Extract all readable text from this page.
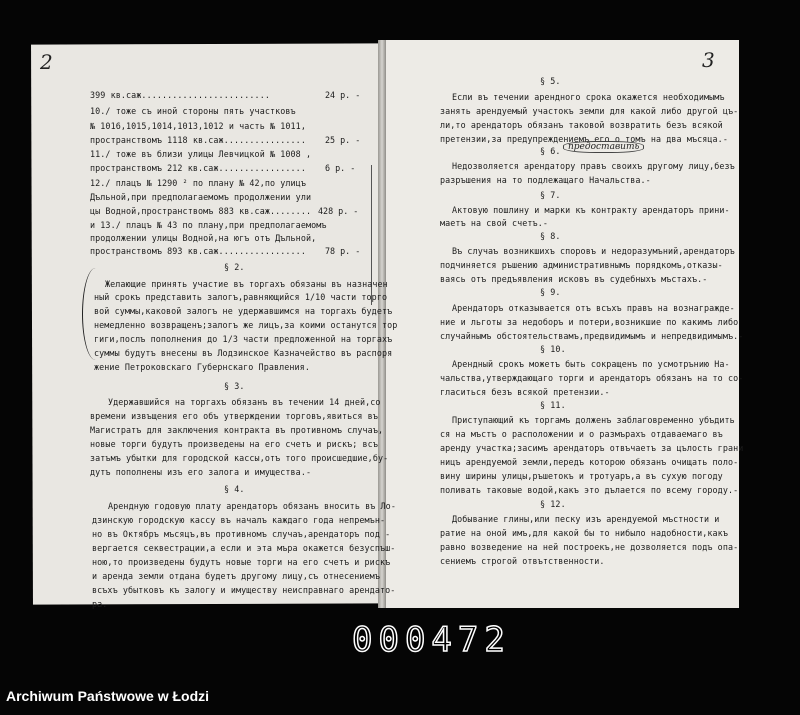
2	3
399 кв.саж.........................
10./ тоже съ иной стороны пять участковъ
№ 1016,1015,1014,1013,1012 и часть № 1011,
пространствомъ 1118 кв.саж................
11./ тоже въ близи улицы Левчицкой № 1008 ,
пространствомъ 212 кв.саж.................
12./ плацъ № 1290 ² по плану № 42,по улицъ
Дъльной,при предполагаемомъ продолжении ули
цы Водной,пространствомъ 883 кв.саж........
и 13./ плацъ № 43 по плану,при предполагаемомъ
продолжении улицы Водной,на югъ отъ Дъльной,
пространствомъ 893 кв.саж.................
24 р. -
25 р. -
6 р. -
428 р. -
78 р. -
§ 2.
Желающие принять участие въ торгахъ обязаны въ назначен
ный срокъ представить залогъ,равняющийся 1/10 части торго
вой суммы,каковой залогъ не удержавшимся на торгахъ будетъ
немедленно возвращенъ;залогъ же лицъ,за коими останутся тор
гиги,послъ пополнения до 1/3 части предложенной на торгахъ
суммы будутъ внесены въ Лодзинское Казначейство въ распоря
жение Петроковскаго Губернскаго Правления.
§ 3.
Удержавшийся на торгахъ обязанъ въ течении 14 дней,со
времени извъщения его объ утверждении торговъ,явиться въ
Магистратъ для заключения контракта въ противномъ случаъ,
новые торги будутъ произведены на его счетъ и рискъ; всъ
затъмъ убытки для городской кассы,отъ того происшедшие,бу-
дутъ пополнены изъ его залога и имущества.-
§ 4.
Арендную годовую плату арендаторъ обязанъ вносить въ Ло-
дзинскую городскую кассу въ началъ каждаго года непремън-
но въ Октябръ мъсяцъ,въ противномъ случаъ,арендаторъ под -
вергается секвестрации,а если и эта мъра окажется безуспъш-
ною,то произведены будутъ новые торги на его счетъ и рискъ
и аренда земли отдана будетъ другому лицу,съ отнесениемъ
всъхъ убытковъ къ залогу и имуществу неисправнаго арендато-
ра.
§ 5.
Если въ течении арендного срока окажется необходимымъ
занять арендуемый участокъ земли для какой либо другой цъ-
ли,то арендаторъ обязанъ таковой возвратить безъ всякой
претензии,за предупреждениемъ его о томъ на два мъсяца.-
§ 6. предоставить
Недозволяется арендатору правъ своихъ другому лицу,безъ
разръшения на то подлежащаго Начальства.-
§ 7.
Актовую пошлину и марки къ контракту арендаторъ прини-
маетъ на свой счетъ.-
§ 8.
Въ случаъ возникшихъ споровъ и недоразумъний,арендаторъ
подчиняется ръшению административнымъ порядкомъ,отказы-
ваясь отъ предъявления исковъ въ судебныхъ мъстахъ.-
§ 9.
Арендаторъ отказывается отъ всъхъ правъ на вознагражде-
ние и льготы за недоборъ и потери,возникшие по какимъ либо
случайнымъ обстоятельствамъ,предвидимымъ и непредвидимымъ.-
§ 10.
Арендный срокъ можетъ быть сокращенъ по усмотрънию На-
чальства,утверждающаго торги и арендаторъ обязанъ на то со-
гласиться безъ всякой претензии.-
§ 11.
Приступающий къ торгамъ долженъ заблаговременно убъдить
ся на мъстъ о расположении и о размърахъ отдаваемаго въ
аренду участка;засимъ арендаторъ отвъчаетъ за цълость грани
ницъ арендуемой земли,передъ которою обязанъ очищать поло-
вину ширины улицы,ръшетокъ и тротуаръ,а въ сухую погоду
поливать таковые водой,какъ это дълается по всему городу.-
§ 12.
Добывание глины,или песку изъ арендуемой мъстности и
ратие на оной имъ,для какой бы то нибыло надобности,какъ
равно возведение на ней построекъ,не дозволяется подъ опа-
сениемъ строгой отвътственности.
000472
Archiwum Państwowe w Łodzi
